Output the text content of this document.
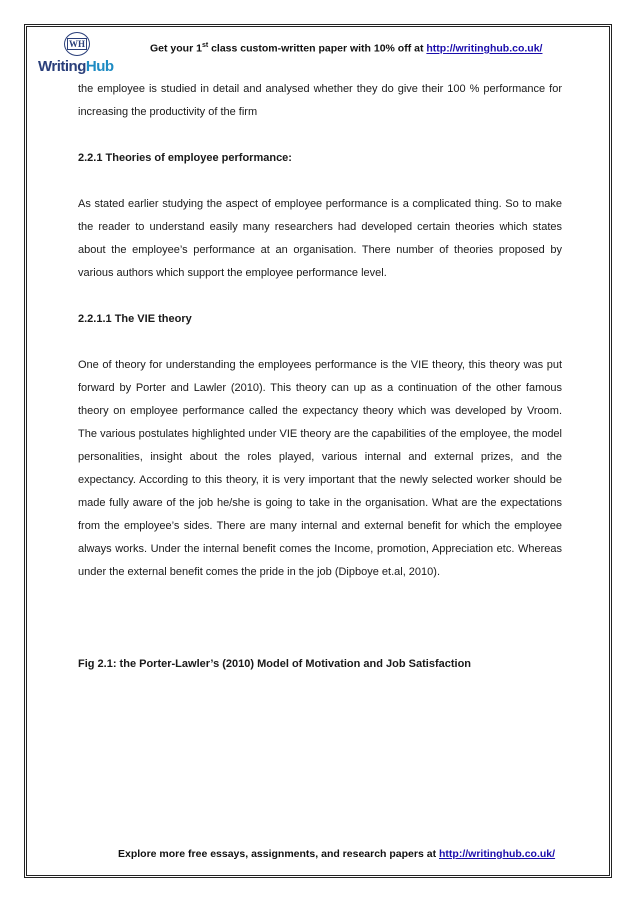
WH
WritingHub
Get your 1st class custom-written paper with 10% off at http://writinghub.co.uk/

the employee is studied in detail and analysed whether they do give their 100 % performance for increasing the productivity of the firm

2.2.1 Theories of employee performance:

As stated earlier studying the aspect of employee performance is a complicated thing. So to make the reader to understand easily many researchers had developed certain theories which states about the employee’s performance at an organisation. There number of theories proposed by various authors which support the employee performance level.

2.2.1.1 The VIE theory

One of theory for understanding the employees performance is the VIE theory, this theory was put forward by Porter and Lawler (2010). This theory can up as a continuation of the other famous theory on employee performance called the expectancy theory which was developed by Vroom. The various postulates highlighted under VIE theory are the capabilities of the employee, the model personalities, insight about the roles played, various internal and external prizes, and the expectancy. According to this theory, it is very important that the newly selected worker should be made fully aware of the job he/she is going to take in the organisation. What are the expectations from the employee’s sides. There are many internal and external benefit for which the employee always works. Under the internal benefit comes the Income, promotion, Appreciation etc. Whereas under the external benefit comes the pride in the job (Dipboye et.al, 2010).

Fig 2.1: the Porter-Lawler’s (2010) Model of Motivation and Job Satisfaction

Explore more free essays, assignments, and research papers at http://writinghub.co.uk/
